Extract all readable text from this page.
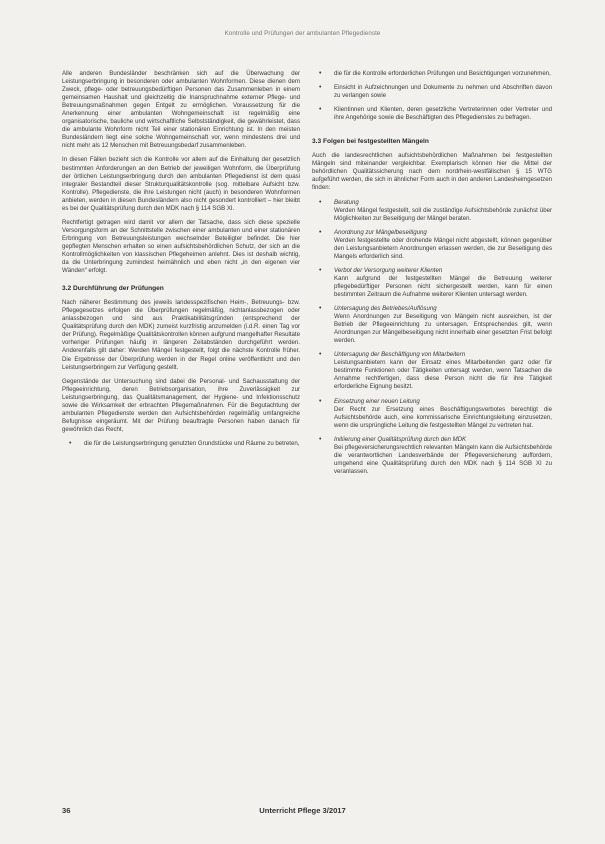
Kontrolle und Prüfungen der ambulanten Pflegedienste

Alle anderen Bundesländer beschränken sich auf die Überwachung der Leistungserbringung in besonderen oder ambulanten Wohnformen. Diese dienen dem Zweck, pflege- oder betreuungsbedürftigen Personen das Zusammenleben in einem gemeinsamen Haushalt und gleichzeitig die Inanspruchnahme externer Pflege- und Betreuungsmaßnahmen gegen Entgelt zu ermöglichen. Voraussetzung für die Anerkennung einer ambulanten Wohngemeinschaft ist regelmäßig eine organisatorische, bauliche und wirtschaftliche Selbstständigkeit, die gewährleistet, dass die ambulante Wohnform nicht Teil einer stationären Einrichtung ist. In den meisten Bundesländern liegt eine solche Wohngemeinschaft vor, wenn mindestens drei und nicht mehr als 12 Menschen mit Betreuungsbedarf zusammenleben.

In diesen Fällen bezieht sich die Kontrolle vor allem auf die Einhaltung der gesetzlich bestimmten Anforderungen an den Betrieb der jeweiligen Wohnform, die Überprüfung der örtlichen Leistungserbringung durch den ambulanten Pflegedienst ist dem quasi integraler Bestandteil dieser Strukturqualitätskontrolle (sog. mittelbare Aufsicht bzw. Kontrolle). Pflegedienste, die ihre Leistungen nicht (auch) in besonderen Wohnformen anbieten, werden in diesen Bundesländern also nicht gesondert kontrolliert – hier bleibt es bei der Qualitätsprüfung durch den MDK nach § 114 SGB XI.

Rechtfertigt getragen wird damit vor allem der Tatsache, dass sich diese spezielle Versorgungsform an der Schnittstelle zwischen einer ambulanten und einer stationären Erbringung von Betreuungsleistungen wechselnder Beteiligter befindet. Die hier gepflegten Menschen erhalten so einen aufsichtsbehördlichen Schutz, der sich an die Kontrollmöglichkeiten von klassischen Pflegeheimen anlehnt. Dies ist deshalb wichtig, da die Unterbringung zumindest heimähnlich und eben nicht „in den eigenen vier Wänden“ erfolgt.

3.2 Durchführung der Prüfungen

Nach näherer Bestimmung des jeweils landesspezifischen Heim-, Betreuungs- bzw. Pflegegesetzes erfolgen die Überprüfungen regelmäßig, nichtanlassbezogen oder anlassbezogen und sind aus Praktikabilitätsgründen (entsprechend der Qualitätsprüfung durch den MDK) zumeist kurzfristig anzumelden (i.d.R. einen Tag vor der Prüfung). Regelmäßige Qualitätskontrollen können aufgrund mangelhafter Resultate vorheriger Prüfungen häufig in längeren Zeitabständen durchgeführt werden. Anderenfalls gilt daher: Werden Mängel festgestellt, folgt die nächste Kontrolle früher. Die Ergebnisse der Überprüfung werden in der Regel online veröffentlicht und den Leistungserbringern zur Verfügung gestellt.

Gegenstände der Untersuchung sind dabei die Personal- und Sachausstattung der Pflegeeinrichtung, deren Betriebsorganisation, ihre Zuverlässigkeit zur Leistungserbringung, das Qualitätsmanagement, der Hygiene- und Infektionsschutz sowie die Wirksamkeit der erbrachten Pflegemaßnahmen. Für die Begutachtung der ambulanten Pflegedienste werden den Aufsichtsbehörden regelmäßig umfangreiche Befugnisse eingeräumt. Mit der Prüfung beauftragte Personen haben danach für gewöhnlich das Recht,

• die für die Leistungserbringung genutzten Grundstücke und Räume zu betreten,
• die für die Kontrolle erforderlichen Prüfungen und Besichtigungen vorzunehmen,
• Einsicht in Aufzeichnungen und Dokumente zu nehmen und Abschriften davon zu verlangen sowie
• Klientinnen und Klienten, deren gesetzliche Vertreterinnen oder Vertreter und ihre Angehörige sowie die Beschäftigten des Pflegedienstes zu befragen.
3.3 Folgen bei festgestellten Mängeln

Auch die landesrechtlichen aufsichtsbehördlichen Maßnahmen bei festgestellten Mängeln sind miteinander vergleichbar. Exemplarisch können hier die Mittel der behördlichen Qualitätssicherung nach dem nordrhein-westfälischen § 15 WTG aufgeführt werden, die sich in ähnlicher Form auch in den anderen Landesheimgesetzen finden:

• Beratung
Werden Mängel festgestellt, soll die zuständige Aufsichtsbehörde zunächst über Möglichkeiten zur Beseitigung der Mängel beraten.
• Anordnung zur Mängelbeseitigung
Werden festgestellte oder drohende Mängel nicht abgestellt, können gegenüber den Leistungsanbietern Anordnungen erlassen werden, die zur Beseitigung des Mangels erforderlich sind.
• Verbot der Versorgung weiterer Klienten
Kann aufgrund der festgestellten Mängel die Betreuung weiterer pflegebedürftiger Personen nicht sichergestellt werden, kann für einen bestimmten Zeitraum die Aufnahme weiterer Klienten untersagt werden.
• Untersagung des Betriebes/Auflösung
Wenn Anordnungen zur Beseitigung von Mängeln nicht ausreichen, ist der Betrieb der Pflegeeinrichtung zu untersagen. Entsprechendes gilt, wenn Anordnungen zur Mängelbeseitigung nicht innerhalb einer gesetzten Frist befolgt werden.
• Untersagung der Beschäftigung von Mitarbeitern
Leistungsanbietern kann der Einsatz eines Mitarbeitenden ganz oder für bestimmte Funktionen oder Tätigkeiten untersagt werden, wenn Tatsachen die Annahme rechtfertigen, dass diese Person nicht die für ihre Tätigkeit erforderliche Eignung besitzt.
• Einsetzung einer neuen Leitung
Der Recht zur Ersetzung eines Beschäftigungsverbotes berechtigt die Aufsichtsbehörde auch, eine kommissarische Einrichtungsleitung einzusetzen, wenn die ursprüngliche Leitung die festgestellten Mängel zu vertreten hat.
• Initiierung einer Qualitätsprüfung durch den MDK
Bei pflegeversicherungsrechtlich relevanten Mängeln kann die Aufsichtsbehörde die verantwortlichen Landesverbände der Pflegeversicherung auffordern, umgehend eine Qualitätsprüfung durch den MDK nach § 114 SGB XI zu veranlassen.
36	Unterricht Pflege 3/2017
